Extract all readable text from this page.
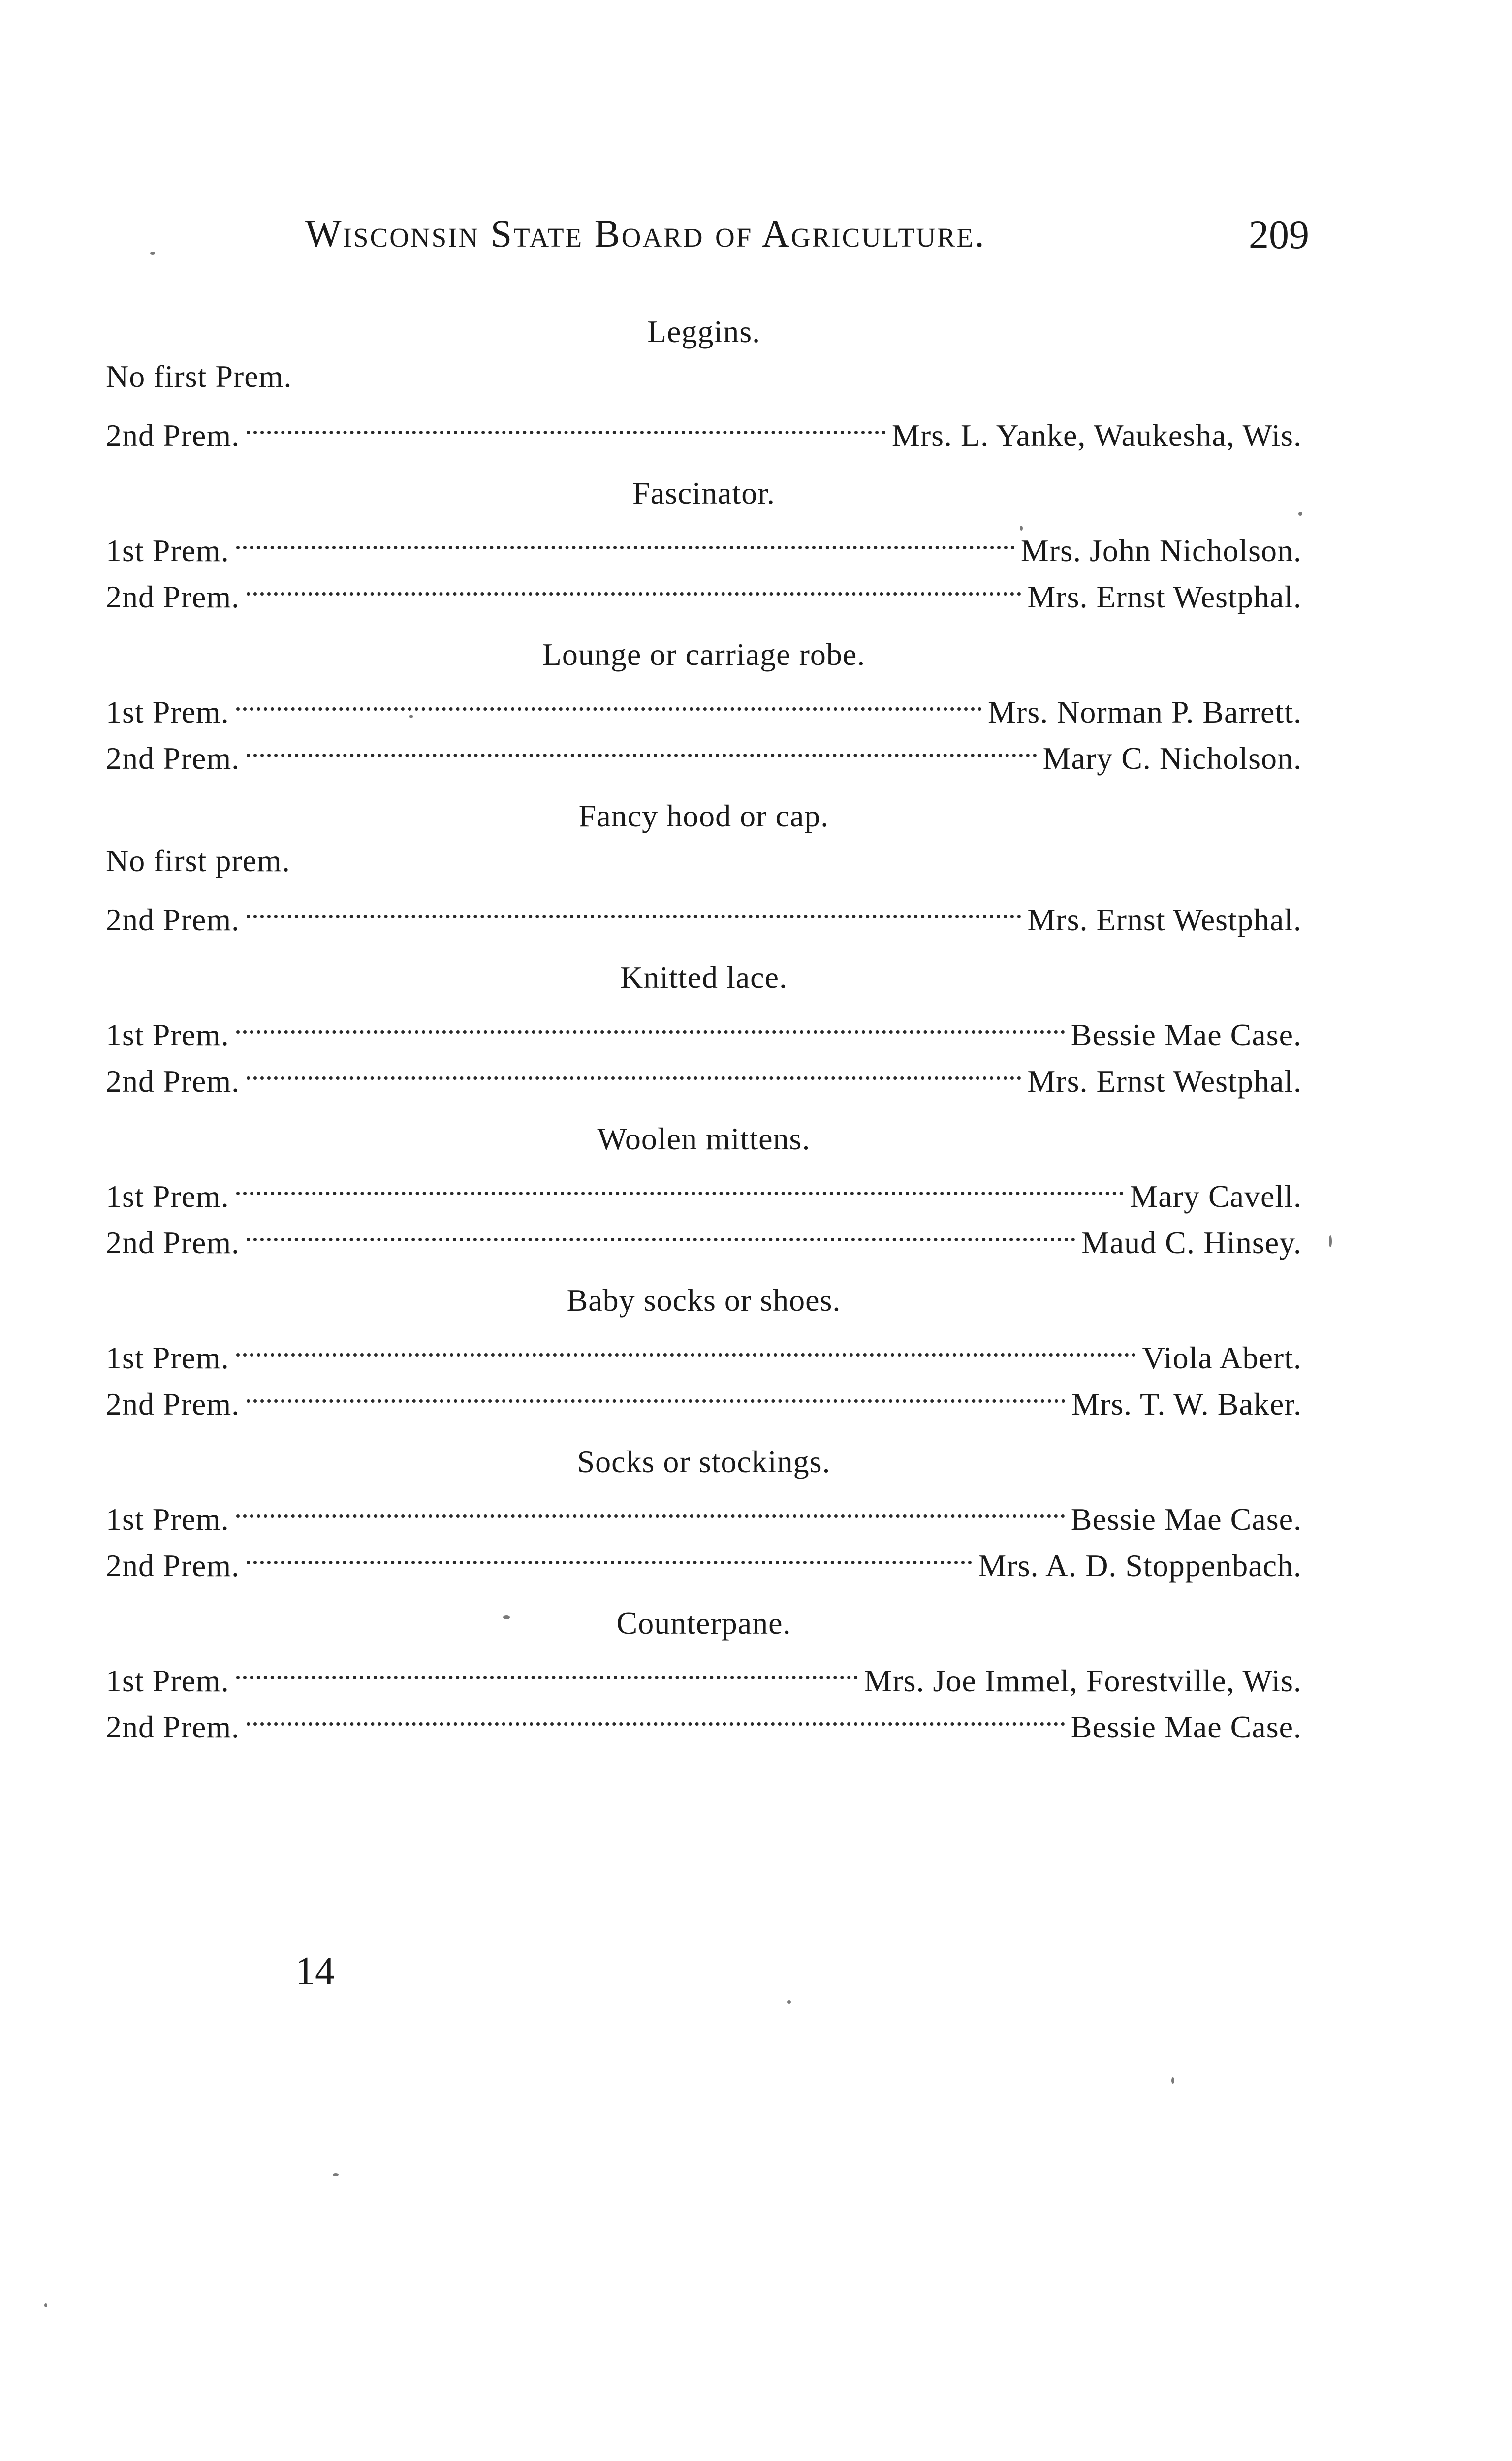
Wisconsin State Board of Agriculture.	209
Leggins.
No first Prem.
2nd Prem.	Mrs. L. Yanke, Waukesha, Wis.
Fascinator.
1st Prem.	Mrs. John Nicholson.
2nd Prem.	Mrs. Ernst Westphal.
Lounge or carriage robe.
1st Prem.	Mrs. Norman P. Barrett.
2nd Prem.	Mary C. Nicholson.
Fancy hood or cap.
No first prem.
2nd Prem.	Mrs. Ernst Westphal.
Knitted lace.
1st Prem.	Bessie Mae Case.
2nd Prem.	Mrs. Ernst Westphal.
Woolen mittens.
1st Prem.	Mary Cavell.
2nd Prem.	Maud C. Hinsey.
Baby socks or shoes.
1st Prem.	Viola Abert.
2nd Prem.	Mrs. T. W. Baker.
Socks or stockings.
1st Prem.	Bessie Mae Case.
2nd Prem.	Mrs. A. D. Stoppenbach.
Counterpane.
1st Prem.	Mrs. Joe Immel, Forestville, Wis.
2nd Prem.	Bessie Mae Case.
14
